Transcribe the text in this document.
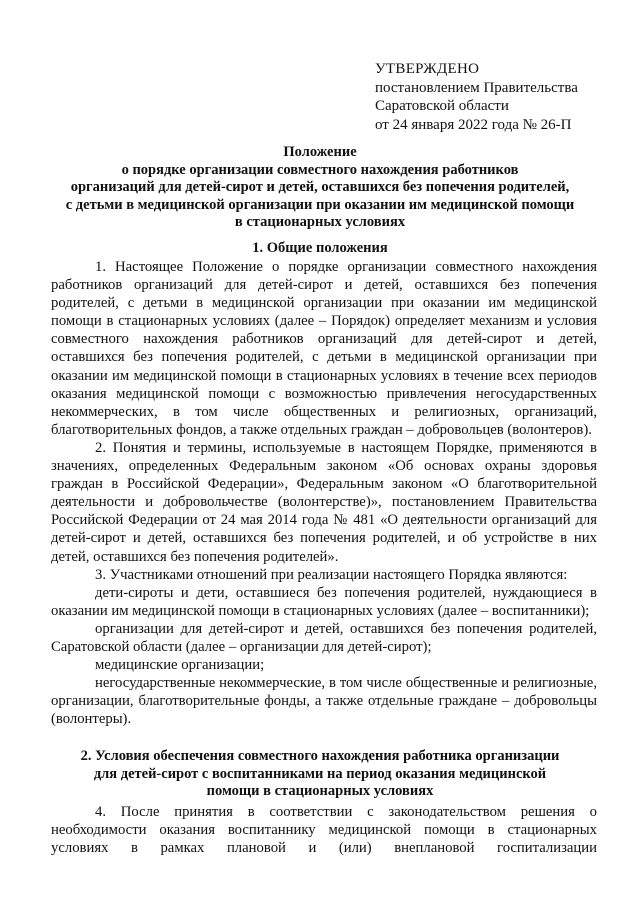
УТВЕРЖДЕНО
постановлением Правительства
Саратовской области
от 24 января 2022 года № 26-П
Положение
о порядке организации совместного нахождения работников
организаций для детей-сирот и детей, оставшихся без попечения родителей,
с детьми в медицинской организации при оказании им медицинской помощи
в стационарных условиях
1. Общие положения

1. Настоящее Положение о порядке организации совместного нахождения работников организаций для детей-сирот и детей, оставшихся без попечения родителей, с детьми в медицинской организации при оказании им медицинской помощи в стационарных условиях (далее – Порядок) определяет механизм и условия совместного нахождения работников организаций для детей-сирот и детей, оставшихся без попечения родителей, с детьми в медицинской организации при оказании им медицинской помощи в стационарных условиях в течение всех периодов оказания медицинской помощи с возможностью привлечения негосударственных некоммерческих, в том числе общественных и религиозных, организаций, благотворительных фондов, а также отдельных граждан – добровольцев (волонтеров).

2. Понятия и термины, используемые в настоящем Порядке, применяются в значениях, определенных Федеральным законом «Об основах охраны здоровья граждан в Российской Федерации», Федеральным законом «О благотворительной деятельности и добровольчестве (волонтерстве)», постановлением Правительства Российской Федерации от 24 мая 2014 года № 481 «О деятельности организаций для детей-сирот и детей, оставшихся без попечения родителей, и об устройстве в них детей, оставшихся без попечения родителей».

3. Участниками отношений при реализации настоящего Порядка являются:

дети-сироты и дети, оставшиеся без попечения родителей, нуждающиеся в оказании им медицинской помощи в стационарных условиях (далее – воспитанники);

организации для детей-сирот и детей, оставшихся без попечения родителей, Саратовской области (далее – организации для детей-сирот);

медицинские организации;

негосударственные некоммерческие, в том числе общественные и религиозные, организации, благотворительные фонды, а также отдельные граждане – добровольцы (волонтеры).

2. Условия обеспечения совместного нахождения работника организации
для детей-сирот с воспитанниками на период оказания медицинской
помощи в стационарных условиях

4. После принятия в соответствии с законодательством решения о необходимости оказания воспитаннику медицинской помощи в стационарных условиях в рамках плановой и (или) внеплановой госпитализации
